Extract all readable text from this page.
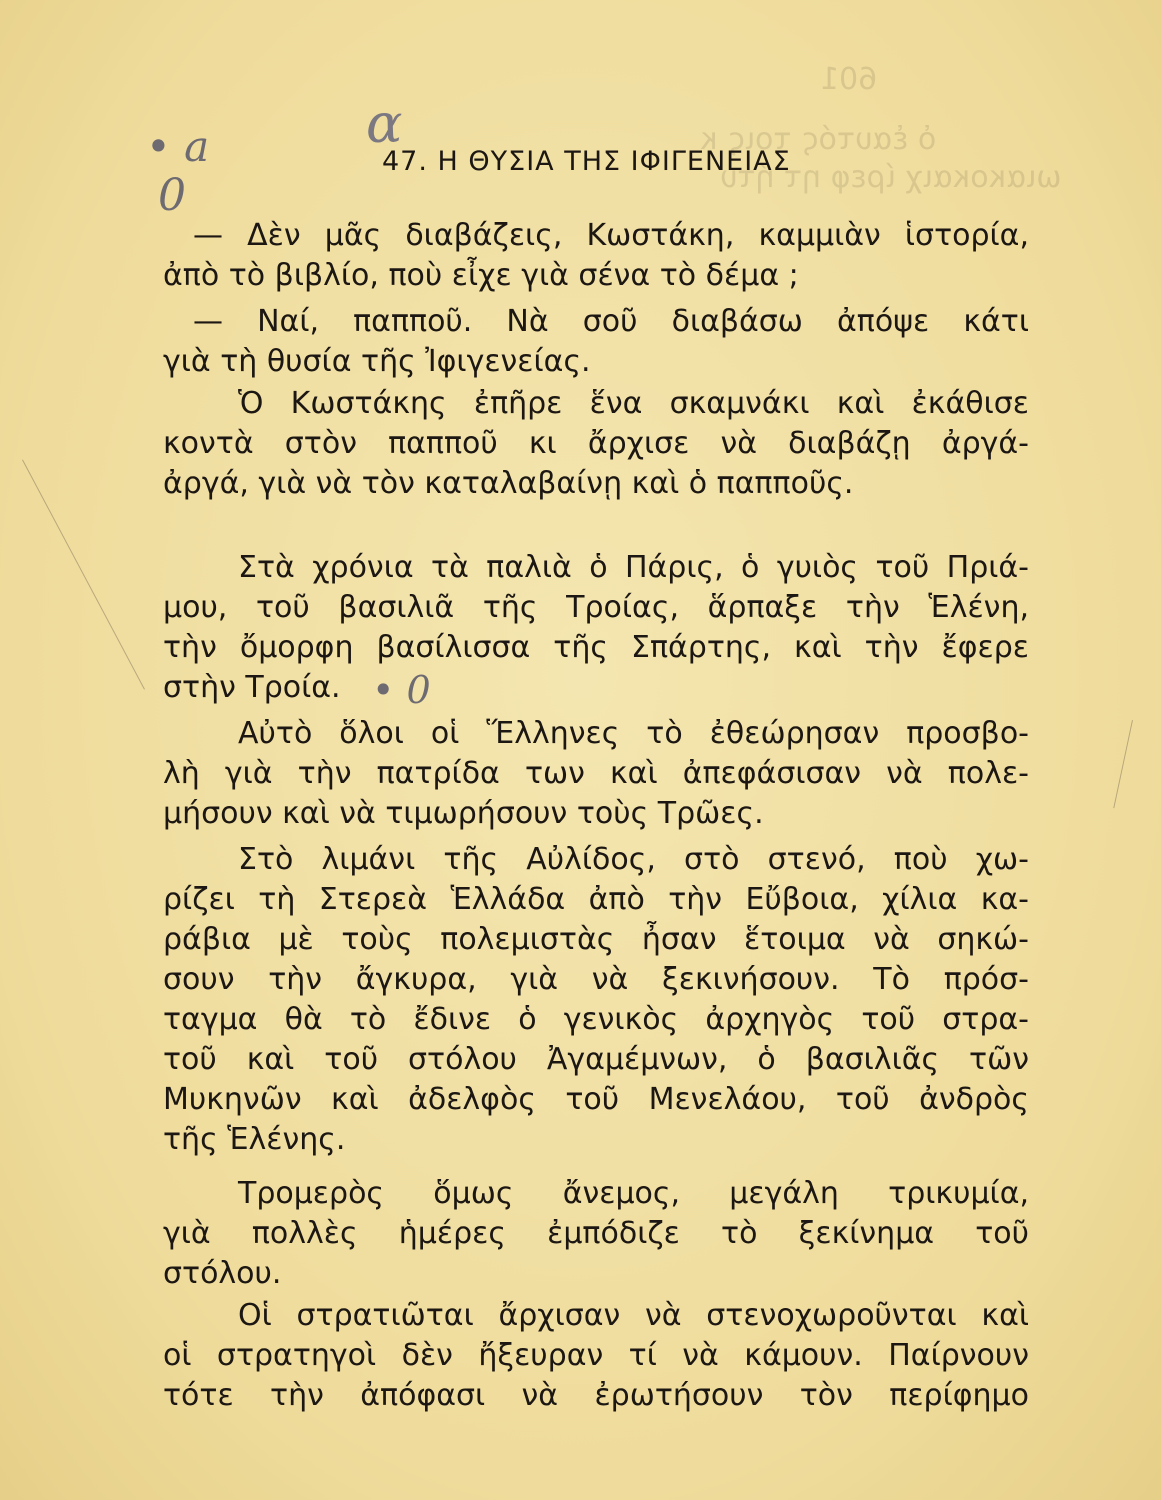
601
ὁ ἑαυτός τοις κ
ωιακοκαιχ ίρεφ ητ ήτυ
α
• a
0
• 0
47. Η ΘΥΣΙΑ ΤΗΣ ΙΦΙΓΕΝΕΙΑΣ
— Δὲν μᾶς διαβάζεις, Κωστάκη, καμμιὰν ἱστορία,
ἀπὸ τὸ βιβλίο, ποὺ εἶχε γιὰ σένα τὸ δέμα ;
— Ναί, παπποῦ. Νὰ σοῦ διαβάσω ἀπόψε κάτι
γιὰ τὴ θυσία τῆς Ἰφιγενείας.
Ὁ Κωστάκης ἐπῆρε ἕνα σκαμνάκι καὶ ἐκάθισε
κοντὰ στὸν παπποῦ κι ἄρχισε νὰ διαβάζῃ ἀργά-
ἀργά, γιὰ νὰ τὸν καταλαβαίνῃ καὶ ὁ παπποῦς.
Στὰ χρόνια τὰ παλιὰ ὁ Πάρις, ὁ γυιὸς τοῦ Πριά-
μου, τοῦ βασιλιᾶ τῆς Τροίας, ἅρπαξε τὴν Ἑλένη,
τὴν ὄμορφη βασίλισσα τῆς Σπάρτης, καὶ τὴν ἔφερε
στὴν Τροία.
Αὐτὸ ὅλοι οἱ Ἕλληνες τὸ ἐθεώρησαν προσβο-
λὴ γιὰ τὴν πατρίδα των καὶ ἀπεφάσισαν νὰ πολε-
μήσουν καὶ νὰ τιμωρήσουν τοὺς Τρῶες.
Στὸ λιμάνι τῆς Αὐλίδος, στὸ στενό, ποὺ χω-
ρίζει τὴ Στερεὰ Ἑλλάδα ἀπὸ τὴν Εὔβοια, χίλια κα-
ράβια μὲ τοὺς πολεμιστὰς ἦσαν ἕτοιμα νὰ σηκώ-
σουν τὴν ἄγκυρα, γιὰ νὰ ξεκινήσουν. Τὸ πρόσ-
ταγμα θὰ τὸ ἔδινε ὁ γενικὸς ἀρχηγὸς τοῦ στρα-
τοῦ καὶ τοῦ στόλου Ἀγαμέμνων, ὁ βασιλιᾶς τῶν
Μυκηνῶν καὶ ἀδελφὸς τοῦ Μενελάου, τοῦ ἀνδρὸς
τῆς Ἑλένης.
Τρομερὸς ὅμως ἄνεμος, μεγάλη τρικυμία,
γιὰ πολλὲς ἡμέρες ἐμπόδιζε τὸ ξεκίνημα τοῦ
στόλου.
Οἱ στρατιῶται ἄρχισαν νὰ στενοχωροῦνται καὶ
οἱ στρατηγοὶ δὲν ἤξευραν τί νὰ κάμουν. Παίρνουν
τότε τὴν ἀπόφασι νὰ ἐρωτήσουν τὸν περίφημο
